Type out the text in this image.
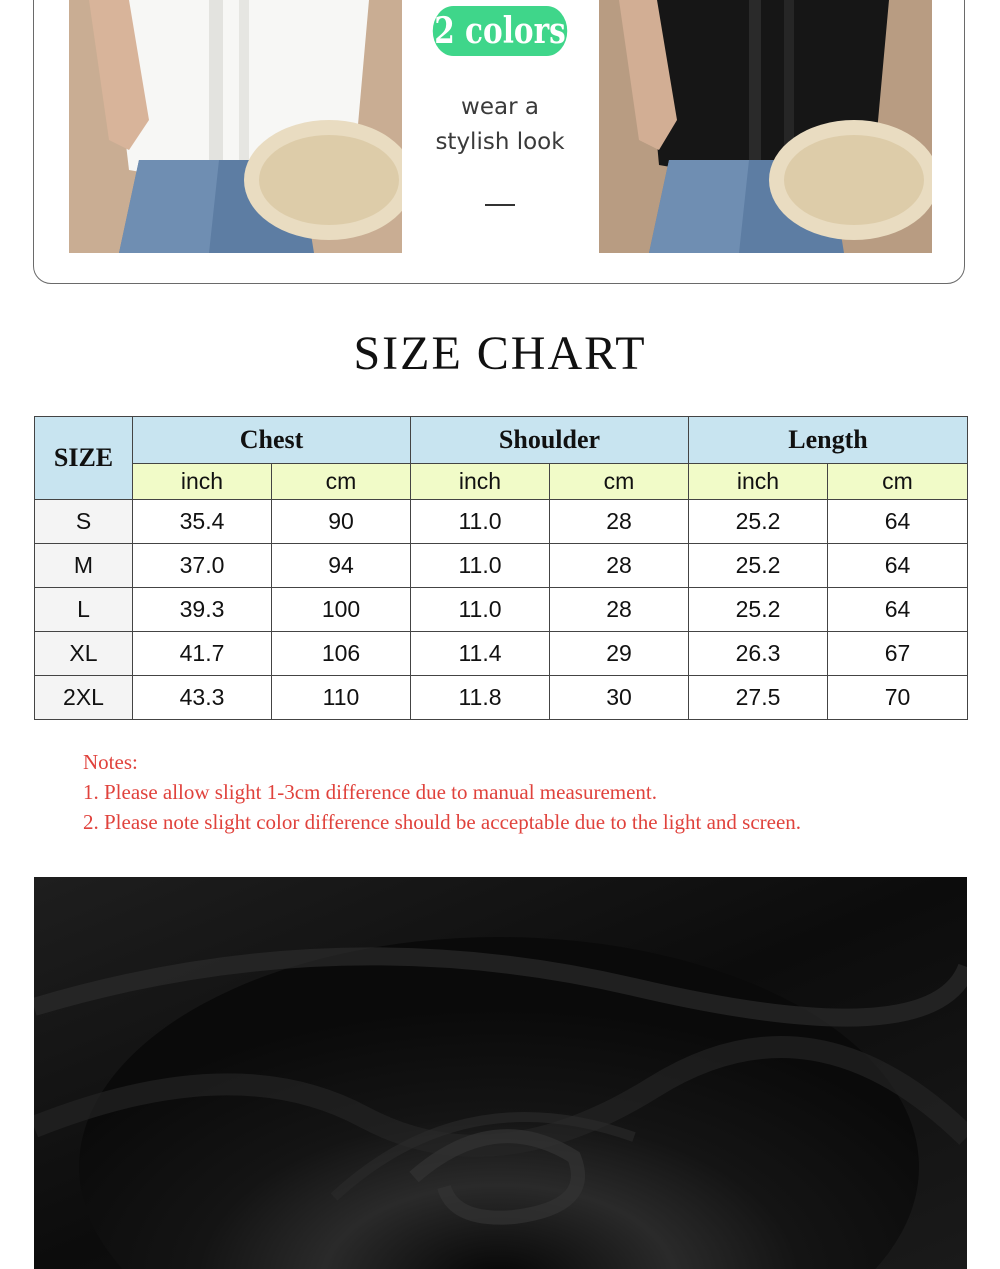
2 colors
wear a
stylish look
SIZE CHART
SIZE	Chest		Shoulder		Length	
	inch	cm	inch	cm	inch	cm
S	35.4	90	11.0	28	25.2	64
M	37.0	94	11.0	28	25.2	64
L	39.3	100	11.0	28	25.2	64
XL	41.7	106	11.4	29	26.3	67
2XL	43.3	110	11.8	30	27.5	70
Notes:
1. Please allow slight 1-3cm difference due to manual measurement.
2. Please note slight color difference should be acceptable due to the light and screen.
